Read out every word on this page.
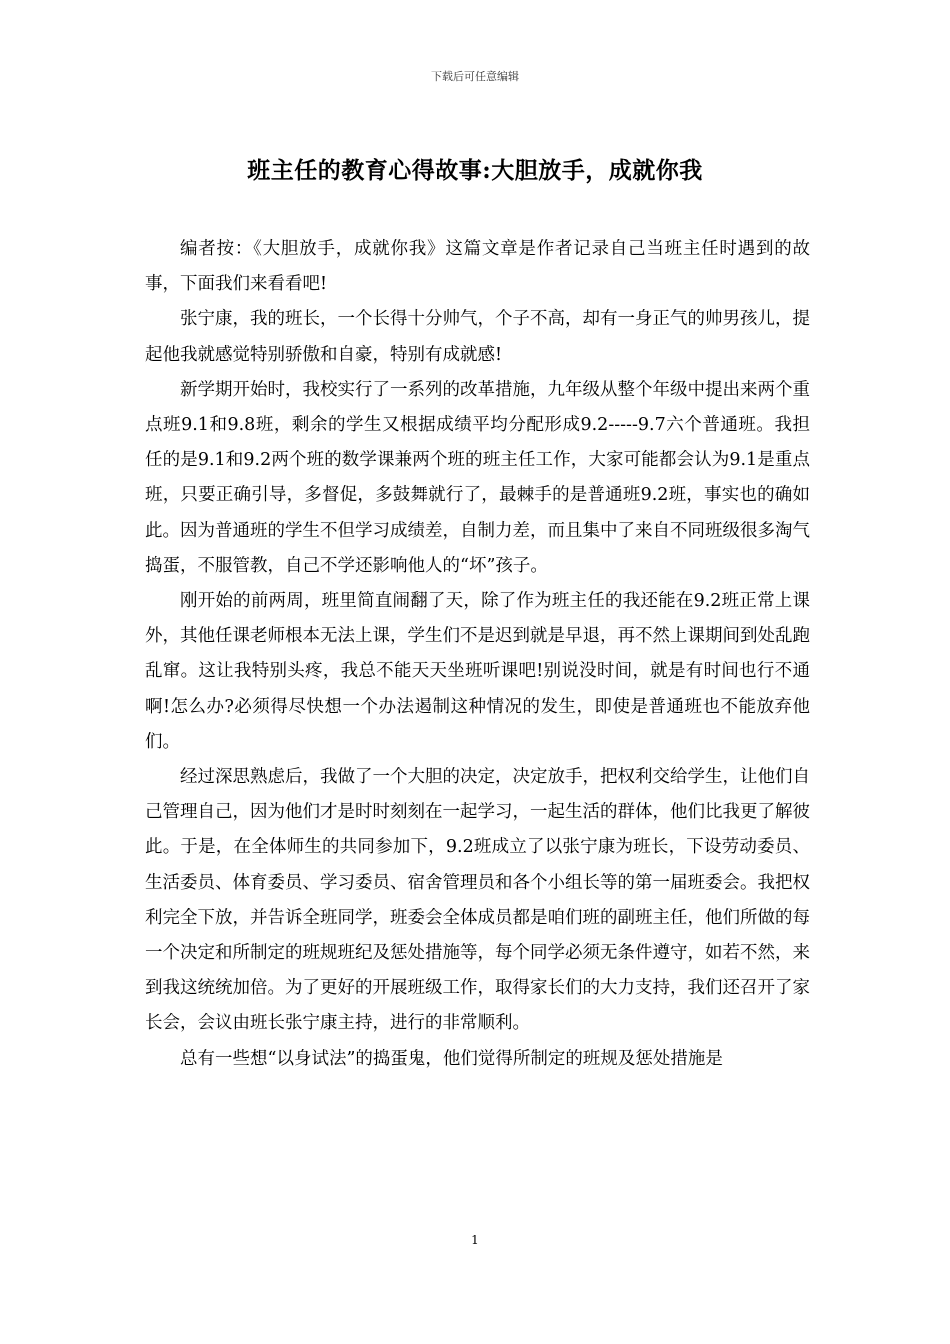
下载后可任意编辑
班主任的教育心得故事:大胆放手，成就你我

编者按：《大胆放手，成就你我》这篇文章是作者记录自己当班主任时遇到的故事，下面我们来看看吧!

张宁康，我的班长，一个长得十分帅气，个子不高，却有一身正气的帅男孩儿，提起他我就感觉特别骄傲和自豪，特别有成就感!

新学期开始时，我校实行了一系列的改革措施，九年级从整个年级中提出来两个重点班9.1和9.8班，剩余的学生又根据成绩平均分配形成9.2-----9.7六个普通班。我担任的是9.1和9.2两个班的数学课兼两个班的班主任工作，大家可能都会认为9.1是重点班，只要正确引导，多督促，多鼓舞就行了，最棘手的是普通班9.2班，事实也的确如此。因为普通班的学生不但学习成绩差，自制力差，而且集中了来自不同班级很多淘气捣蛋，不服管教，自己不学还影响他人的“坏”孩子。

刚开始的前两周，班里简直闹翻了天，除了作为班主任的我还能在9.2班正常上课外，其他任课老师根本无法上课，学生们不是迟到就是早退，再不然上课期间到处乱跑乱窜。这让我特别头疼，我总不能天天坐班听课吧!别说没时间，就是有时间也行不通啊!怎么办?必须得尽快想一个办法遏制这种情况的发生，即使是普通班也不能放弃他们。

经过深思熟虑后，我做了一个大胆的决定，决定放手，把权利交给学生，让他们自己管理自己，因为他们才是时时刻刻在一起学习，一起生活的群体，他们比我更了解彼此。于是，在全体师生的共同参加下，9.2班成立了以张宁康为班长，下设劳动委员、生活委员、体育委员、学习委员、宿舍管理员和各个小组长等的第一届班委会。我把权利完全下放，并告诉全班同学，班委会全体成员都是咱们班的副班主任，他们所做的每一个决定和所制定的班规班纪及惩处措施等，每个同学必须无条件遵守，如若不然，来到我这统统加倍。为了更好的开展班级工作，取得家长们的大力支持，我们还召开了家长会，会议由班长张宁康主持，进行的非常顺利。

总有一些想“以身试法”的捣蛋鬼，他们觉得所制定的班规及惩处措施是

1
